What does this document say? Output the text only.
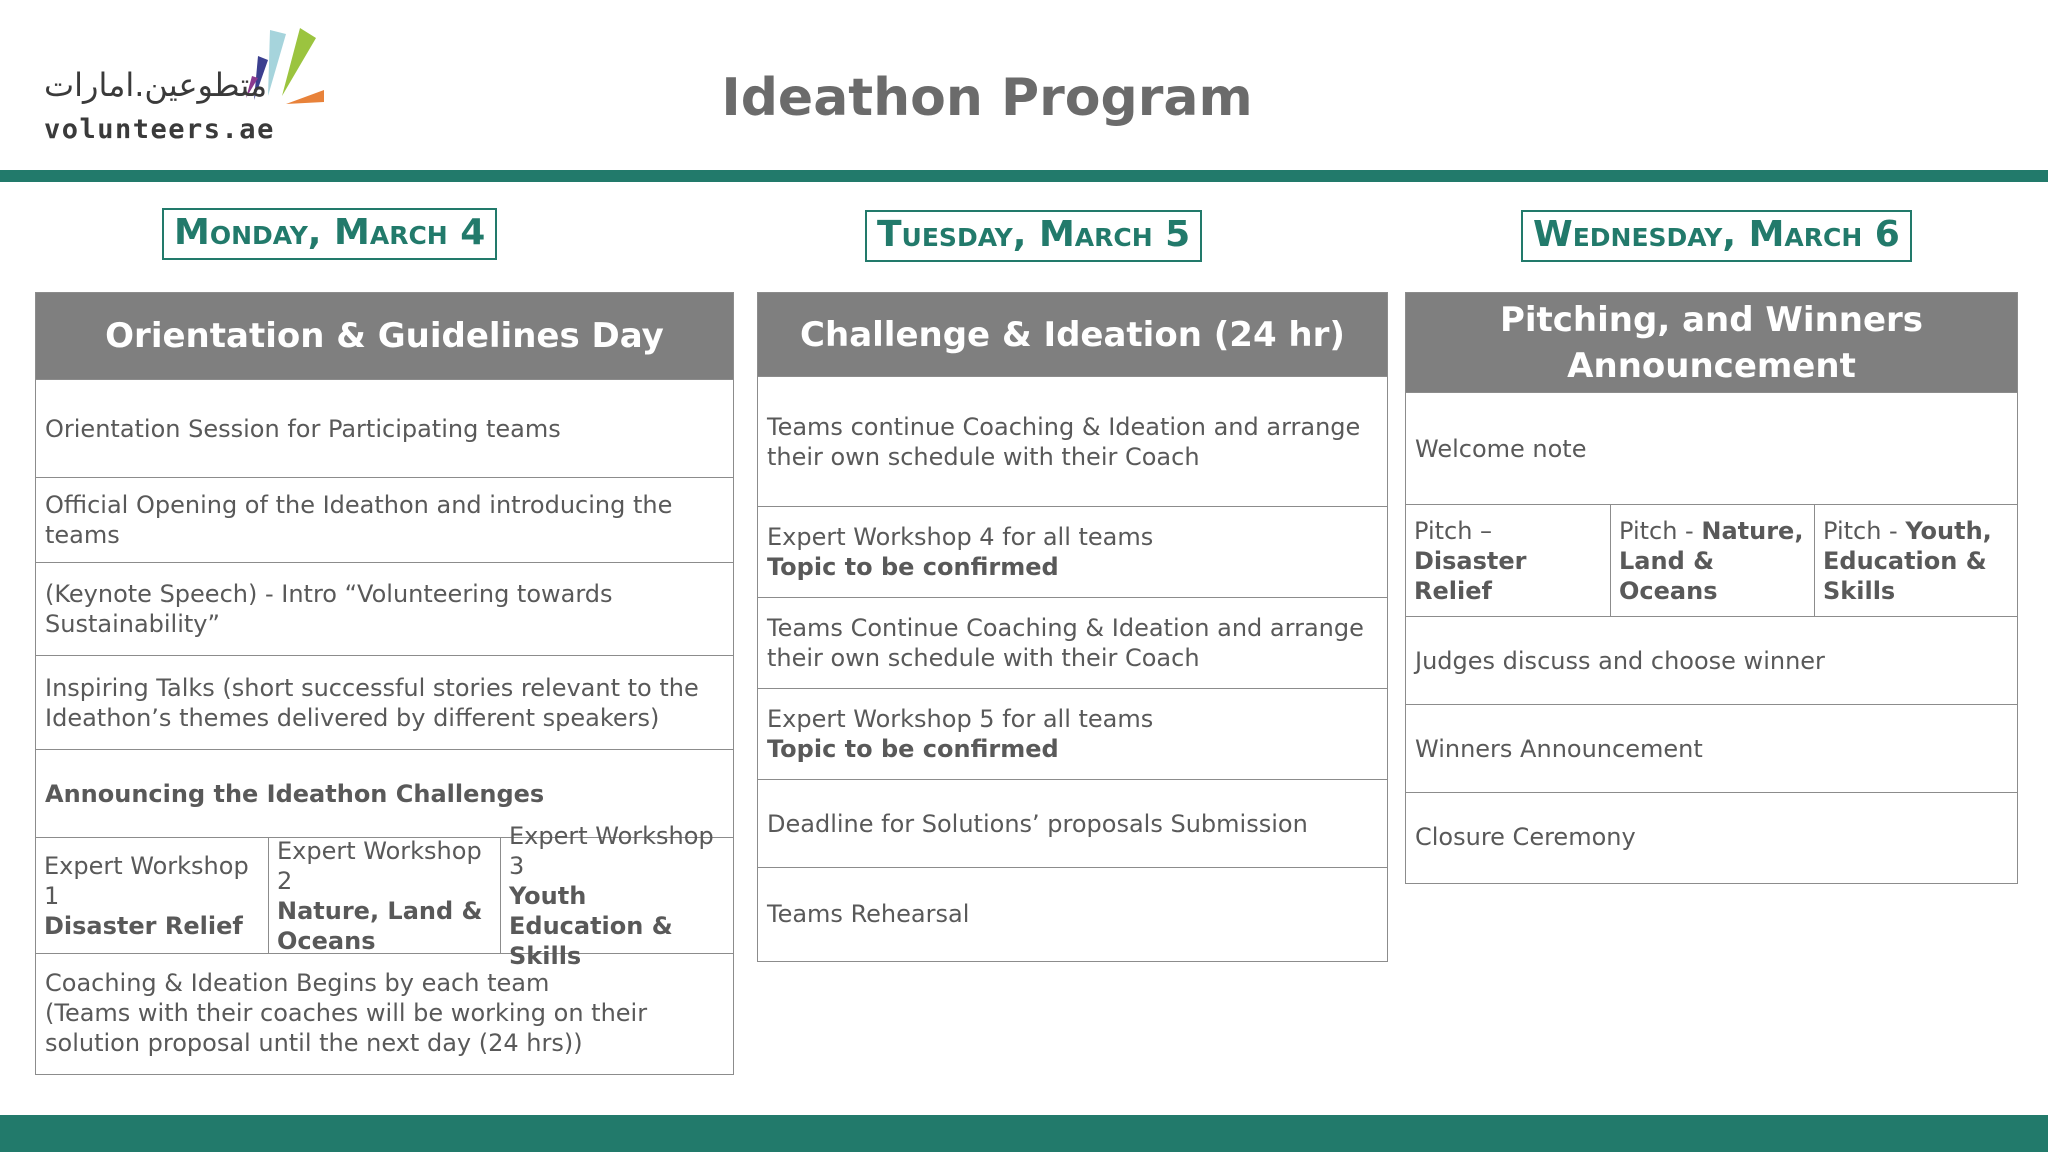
متطوعين.امارات
volunteers.ae
Ideathon Program
Monday, March 4	Tuesday, March 5	Wednesday, March 6
Orientation & Guidelines Day
Orientation Session for Participating teams
Official Opening of the Ideathon and introducing the teams
(Keynote Speech) - Intro “Volunteering towards Sustainability”
Inspiring Talks (short successful stories relevant to the Ideathon’s themes delivered by different speakers)
Announcing the Ideathon Challenges
Expert Workshop 1
Disaster Relief
Expert Workshop 2
Nature, Land & Oceans
Expert Workshop 3
Youth Education & Skills
Coaching & Ideation Begins by each team
(Teams with their coaches will be working on their solution proposal until the next day (24 hrs))
Challenge & Ideation (24 hr)
Teams continue Coaching & Ideation and arrange their own schedule with their Coach
Expert Workshop 4 for all teams
Topic to be confirmed
Teams Continue Coaching & Ideation and arrange their own schedule with their Coach
Expert Workshop 5 for all teams
Topic to be confirmed
Deadline for Solutions’ proposals Submission
Teams Rehearsal
Pitching, and Winners Announcement
Welcome note
Pitch – Disaster Relief
Pitch - Nature, Land & Oceans
Pitch - Youth, Education & Skills
Judges discuss and choose winner
Winners Announcement
Closure Ceremony
